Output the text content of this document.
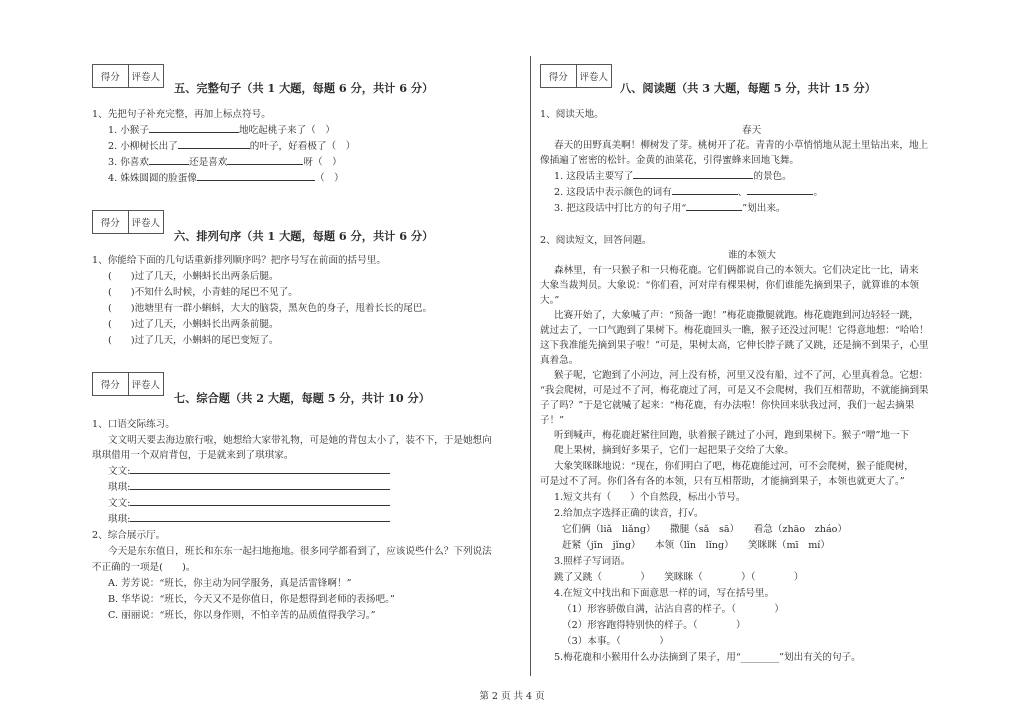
得分	评卷人
五、完整句子（共 1 大题，每题 6 分，共计 6 分）
1、先把句子补充完整，再加上标点符号。
1. 小猴子	地吃起桃子来了（　）
2. 小柳树长出了	的叶子，好看极了（　）
3. 你喜欢	还是喜欢	呀（　）
4. 姝姝圆圆的脸蛋像	（　）
得分	评卷人
六、排列句序（共 1 大题，每题 6 分，共计 6 分）
1、你能给下面的几句话重新排列顺序吗？把序号写在前面的括号里。
(　　)过了几天，小蝌蚪长出两条后腿。
(　　)不知什么时候，小青蛙的尾巴不见了。
(　　)池塘里有一群小蝌蚪，大大的脑袋，黑灰色的身子，甩着长长的尾巴。
(　　)过了几天，小蝌蚪长出两条前腿。
(　　)过了几天，小蝌蚪的尾巴变短了。
得分	评卷人
七、综合题（共 2 大题，每题 5 分，共计 10 分）
1、口语交际练习。
文文明天要去海边旅行啦，她想给大家带礼物，可是她的背包太小了，装不下，于是她想向
琪琪借用一个双肩背包，于是就来到了琪琪家。
文文:
琪琪:
文文:
琪琪:
2、综合展示厅。
今天是东东值日，班长和东东一起扫地拖地。很多同学都看到了，应该说些什么？下列说法
不正确的一项是(　　)。
A. 芳芳说：“班长，你主动为同学服务，真是活雷锋啊！”
B. 华华说：“班长，今天又不是你值日，你是想得到老师的表扬吧。”
C. 丽丽说：“班长，你以身作则，不怕辛苦的品质值得我学习。”
得分	评卷人
八、阅读题（共 3 大题，每题 5 分，共计 15 分）
1、阅读天地。
春天
春天的田野真美啊！柳树发了芽。桃树开了花。青青的小草悄悄地从泥土里钻出来，地上
像插遍了密密的松针。金黄的油菜花，引得蜜蜂来回地飞舞。
1. 这段话主要写了	的景色。
2. 这段话中表示颜色的词有	、	。
3. 把这段话中打比方的句子用“	”划出来。
2、阅读短文，回答问题。
谁的本领大
森林里，有一只猴子和一只梅花鹿。它们俩都说自己的本领大。它们决定比一比，请来
大象当裁判员。大象说：“你们看，河对岸有棵果树，你们谁能先摘到果子，就算谁的本领
大。”
比赛开始了，大象喊了声：“预备一跑！”梅花鹿撒腿就跑。梅花鹿跑到河边轻轻一跳，
就过去了，一口气跑到了果树下。梅花鹿回头一瞧，猴子还没过河呢！它得意地想：“哈哈！
这下我准能先摘到果子啦！”可是，果树太高，它伸长脖子跳了又跳，还是摘不到果子，心里
真着急。
猴子呢，它跑到了小河边，河上没有桥，河里又没有船，过不了河，心里真着急。它想：
“我会爬树，可是过不了河，梅花鹿过了河，可是又不会爬树，我们互相帮助，不就能摘到果
子了吗？”于是它就喊了起来：“梅花鹿，有办法啦！你快回来驮我过河，我们一起去摘果
子！”
听到喊声，梅花鹿赶紧往回跑，驮着猴子跳过了小河，跑到果树下。猴子“噌”地一下
爬上果树，摘到好多果子，它们一起把果子交给了大象。
大象笑眯眯地说：“现在，你们明白了吧，梅花鹿能过河，可不会爬树，猴子能爬树，
可是过不了河。你们各有各的本领，只有互相帮助，才能摘到果子，本领也就更大了。”
1.短文共有（　　）个自然段，标出小节号。
2.给加点字选择正确的读音，打√。
它们俩（liǎ　liǎng）　　撒腿（sǎ　sā）　　看急（zhāo　zháo）
赶紧（jǐn　jǐng）　　本领（lǐn　lǐng）　　笑眯眯（mī　mí）
3.照样子写词语。
跳了又跳（　　　　）　　笑眯眯（　　　　）（　　　　）
4.在短文中找出和下面意思一样的词，写在括号里。
（1）形容骄傲自满，沾沾自喜的样子。（　　　　）
（2）形容跑得特别快的样子。（　　　　）
（3）本事。（　　　　）
5.梅花鹿和小猴用什么办法摘到了果子，用“________”划出有关的句子。
第 2 页 共 4 页
